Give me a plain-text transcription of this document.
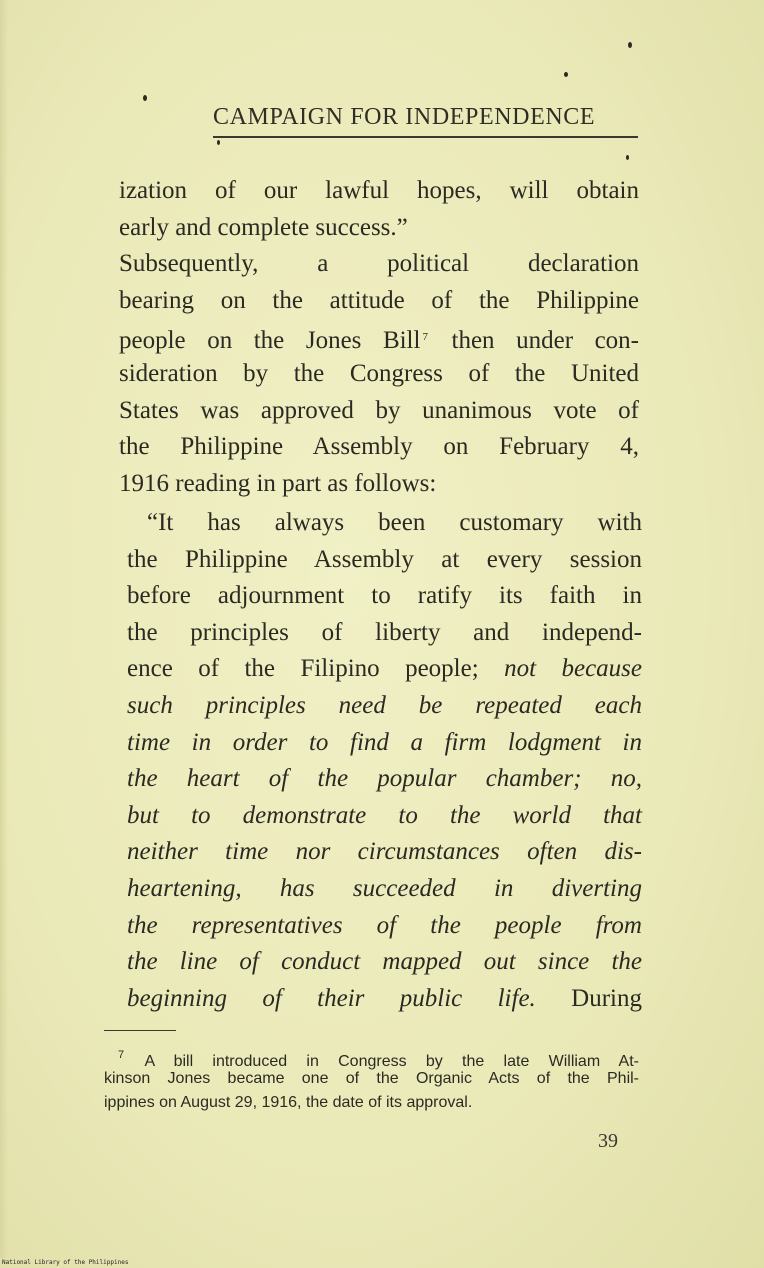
CAMPAIGN FOR INDEPENDENCE
ization of our lawful hopes, will obtain
early and complete success.”
Subsequently, a political declaration
bearing on the attitude of the Philippine
people on the Jones Bill $^7$ then under con-
sideration by the Congress of the United
States was approved by unanimous vote of
the Philippine Assembly on February 4,
1916 reading in part as follows:
“It has always been customary with
the Philippine Assembly at every session
before adjournment to ratify its faith in
the principles of liberty and independ-
ence of the Filipino people; not because
such principles need be repeated each
time in order to find a firm lodgment in
the heart of the popular chamber; no,
but to demonstrate to the world that
neither time nor circumstances often dis-
heartening, has succeeded in diverting
the representatives of the people from
the line of conduct mapped out since the
beginning of their public life. During
$^7$ A bill introduced in Congress by the late William At-
kinson Jones became one of the Organic Acts of the Phil-
ippines on August 29, 1916, the date of its approval.
39
National Library of the Philippines
